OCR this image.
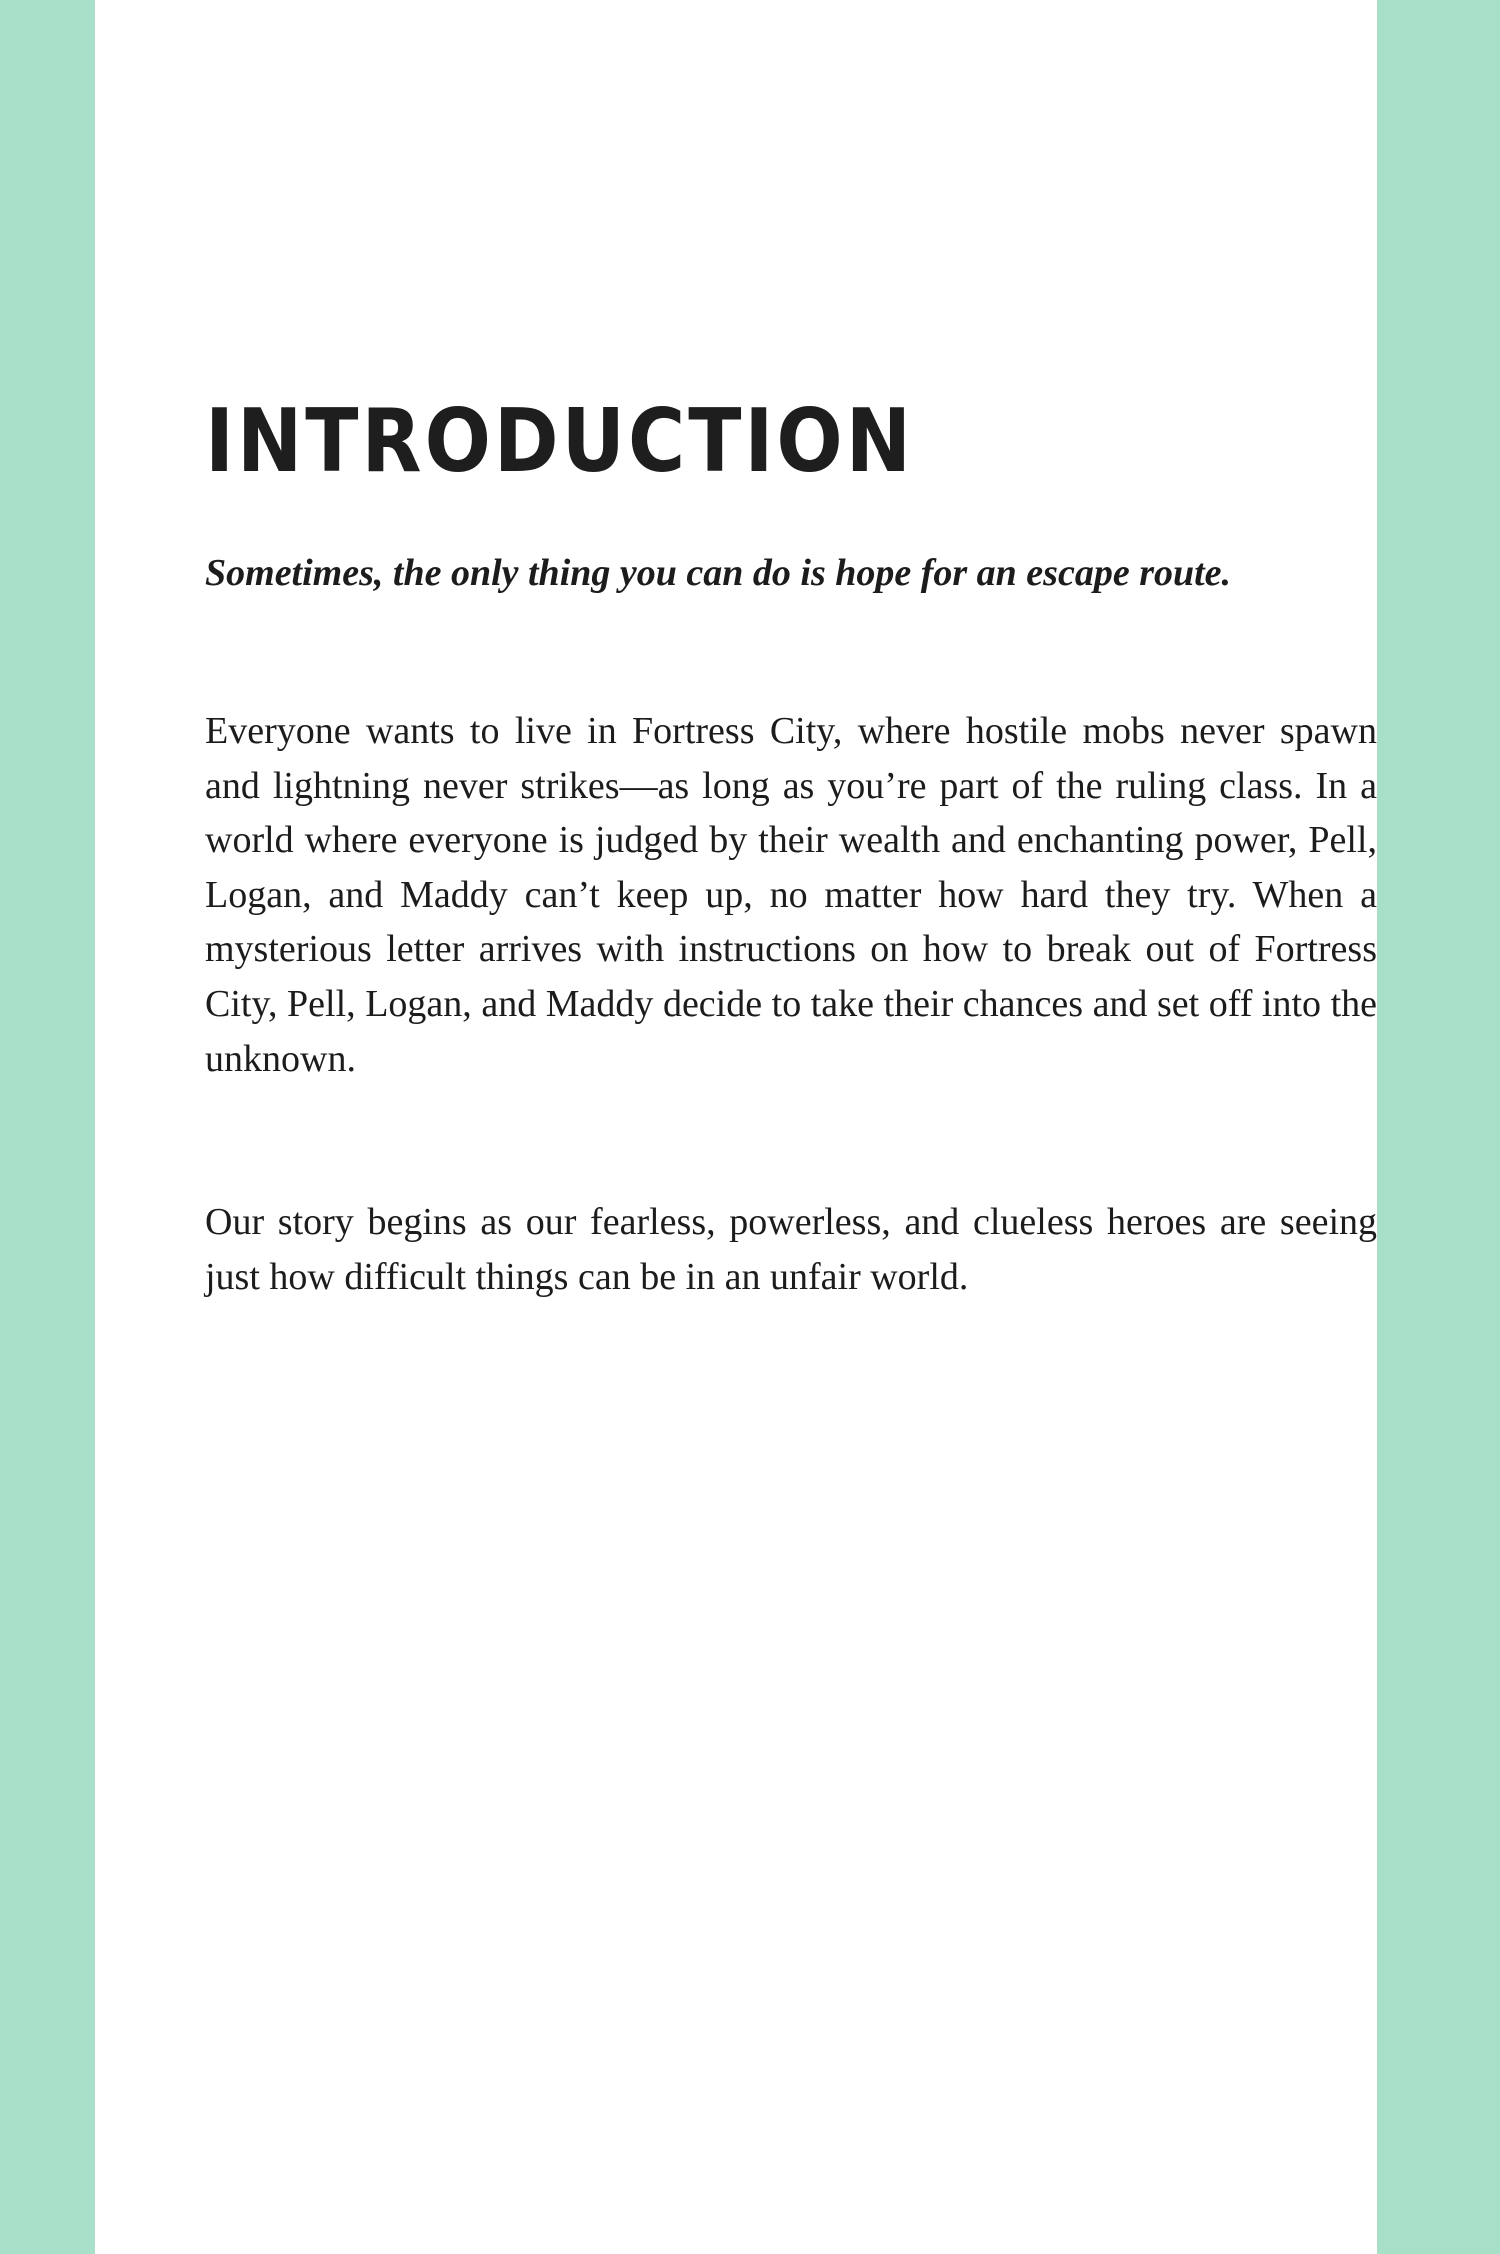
INTRODUCTION

Sometimes, the only thing you can do is hope for an escape route.

Everyone wants to live in Fortress City, where hostile mobs never spawn and lightning never strikes—as long as you’re part of the ruling class. In a world where everyone is judged by their wealth and enchanting power, Pell, Logan, and Maddy can’t keep up, no matter how hard they try. When a mysterious letter arrives with instructions on how to break out of Fortress City, Pell, Logan, and Maddy decide to take their chances and set off into the unknown.

Our story begins as our fearless, powerless, and clueless heroes are seeing just how difficult things can be in an unfair world.
